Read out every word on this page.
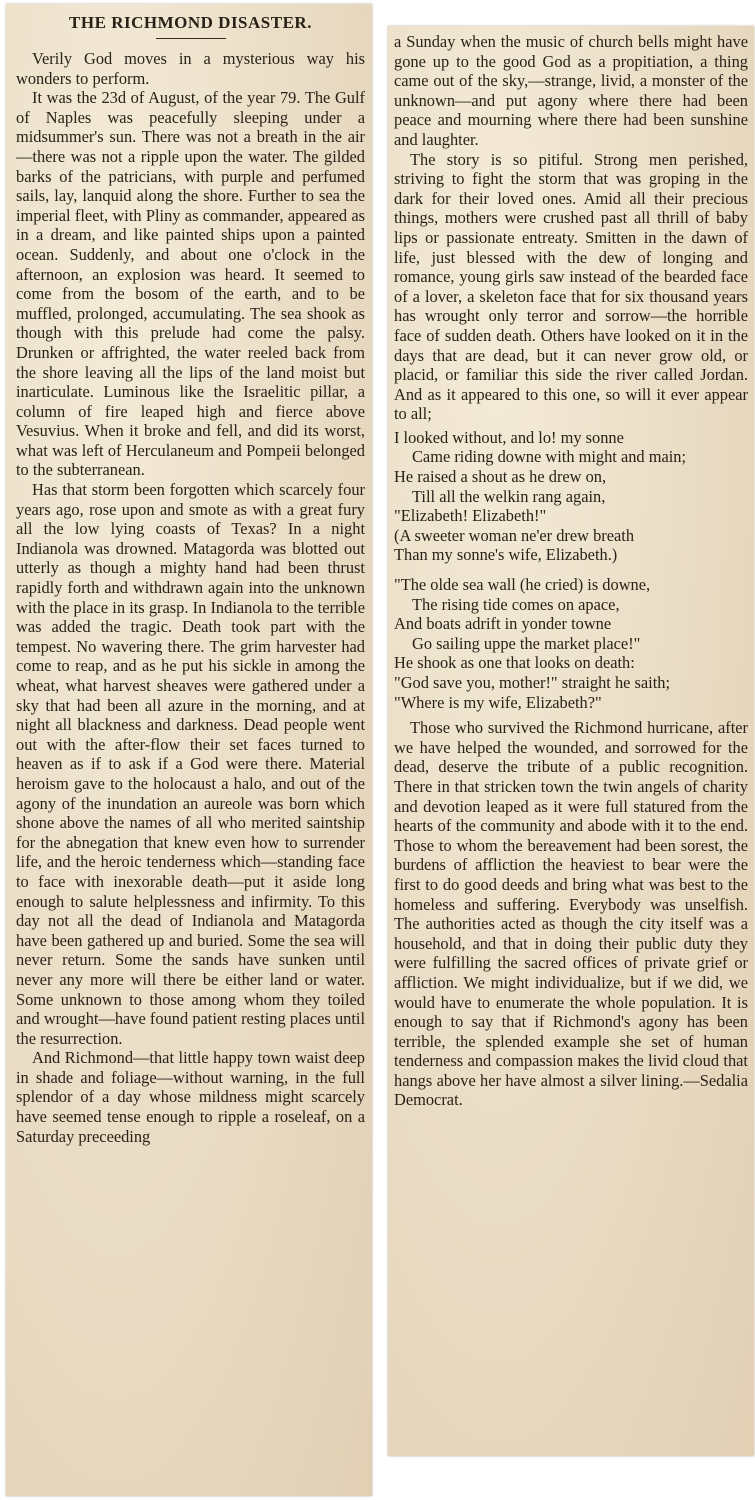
THE RICHMOND DISASTER.

Verily God moves in a mysterious way his wonders to perform.

It was the 23d of August, of the year 79. The Gulf of Naples was peacefully sleeping under a midsummer's sun. There was not a breath in the air—there was not a ripple upon the water. The gilded barks of the patricians, with purple and perfumed sails, lay, lanquid along the shore. Further to sea the imperial fleet, with Pliny as commander, appeared as in a dream, and like painted ships upon a painted ocean. Suddenly, and about one o'clock in the afternoon, an explosion was heard. It seemed to come from the bosom of the earth, and to be muffled, prolonged, accumulating. The sea shook as though with this prelude had come the palsy. Drunken or affrighted, the water reeled back from the shore leaving all the lips of the land moist but inarticulate. Luminous like the Israelitic pillar, a column of fire leaped high and fierce above Vesuvius. When it broke and fell, and did its worst, what was left of Herculaneum and Pompeii belonged to the subterranean.

Has that storm been forgotten which scarcely four years ago, rose upon and smote as with a great fury all the low lying coasts of Texas? In a night Indianola was drowned. Matagorda was blotted out utterly as though a mighty hand had been thrust rapidly forth and withdrawn again into the unknown with the place in its grasp. In Indianola to the terrible was added the tragic. Death took part with the tempest. No wavering there. The grim harvester had come to reap, and as he put his sickle in among the wheat, what harvest sheaves were gathered under a sky that had been all azure in the morning, and at night all blackness and darkness. Dead people went out with the after-flow their set faces turned to heaven as if to ask if a God were there. Material heroism gave to the holocaust a halo, and out of the agony of the inundation an aureole was born which shone above the names of all who merited saintship for the abnegation that knew even how to surrender life, and the heroic tenderness which—standing face to face with inexorable death—put it aside long enough to salute helplessness and infirmity. To this day not all the dead of Indianola and Matagorda have been gathered up and buried. Some the sea will never return. Some the sands have sunken until never any more will there be either land or water. Some unknown to those among whom they toiled and wrought—have found patient resting places until the resurrection.

And Richmond—that little happy town waist deep in shade and foliage—without warning, in the full splendor of a day whose mildness might scarcely have seemed tense enough to ripple a roseleaf, on a Saturday preceeding

a Sunday when the music of church bells might have gone up to the good God as a propitiation, a thing came out of the sky,—strange, livid, a monster of the unknown—and put agony where there had been peace and mourning where there had been sunshine and laughter.

The story is so pitiful. Strong men perished, striving to fight the storm that was groping in the dark for their loved ones. Amid all their precious things, mothers were crushed past all thrill of baby lips or passionate entreaty. Smitten in the dawn of life, just blessed with the dew of longing and romance, young girls saw instead of the bearded face of a lover, a skeleton face that for six thousand years has wrought only terror and sorrow—the horrible face of sudden death. Others have looked on it in the days that are dead, but it can never grow old, or placid, or familiar this side the river called Jordan. And as it appeared to this one, so will it ever appear to all;

I looked without, and lo! my sonne
Came riding downe with might and main;
He raised a shout as he drew on,
Till all the welkin rang again,
"Elizabeth! Elizabeth!"
(A sweeter woman ne'er drew breath
Than my sonne's wife, Elizabeth.)
"The olde sea wall (he cried) is downe,
The rising tide comes on apace,
And boats adrift in yonder towne
Go sailing uppe the market place!"
He shook as one that looks on death:
"God save you, mother!" straight he saith;
"Where is my wife, Elizabeth?"

Those who survived the Richmond hurricane, after we have helped the wounded, and sorrowed for the dead, deserve the tribute of a public recognition. There in that stricken town the twin angels of charity and devotion leaped as it were full statured from the hearts of the community and abode with it to the end. Those to whom the bereavement had been sorest, the burdens of affliction the heaviest to bear were the first to do good deeds and bring what was best to the homeless and suffering. Everybody was unselfish. The authorities acted as though the city itself was a household, and that in doing their public duty they were fulfilling the sacred offices of private grief or affliction. We might individualize, but if we did, we would have to enumerate the whole population. It is enough to say that if Richmond's agony has been terrible, the splended example she set of human tenderness and compassion makes the livid cloud that hangs above her have almost a silver lining.—Sedalia Democrat.
